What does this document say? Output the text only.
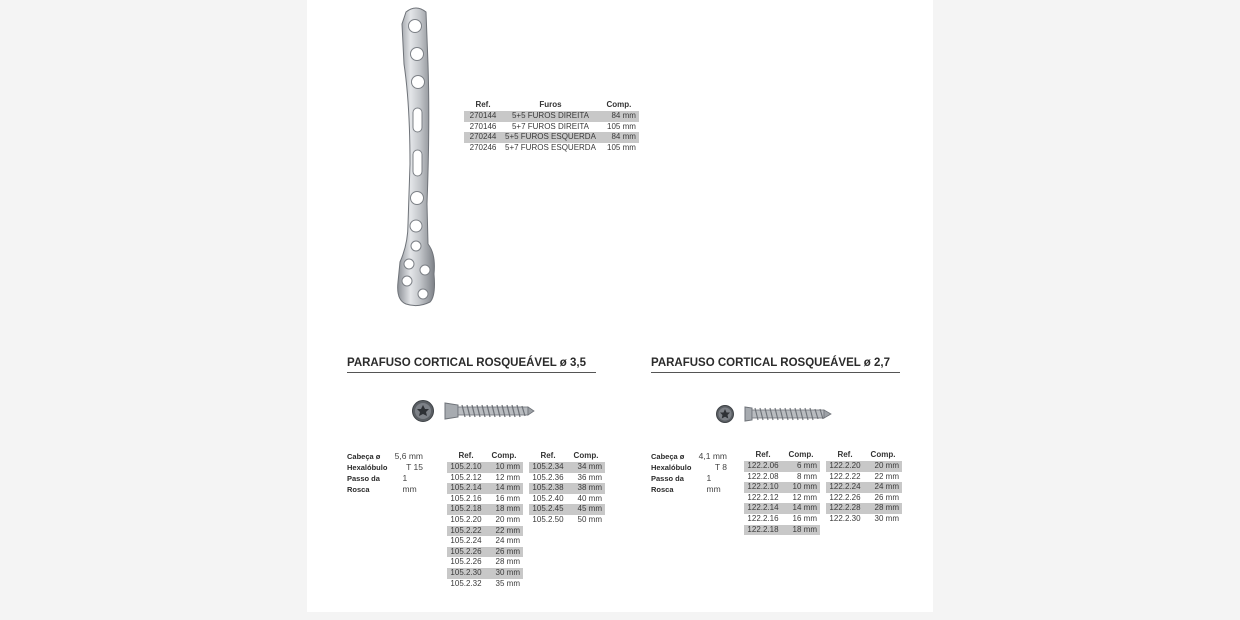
Ref.	Furos	Comp.
270144	5+5 FUROS DIREITA	84 mm
270146	5+7 FUROS DIREITA	105 mm
270244	5+5 FUROS ESQUERDA	84 mm
270246	5+7 FUROS ESQUERDA	105 mm
PARAFUSO CORTICAL ROSQUEÁVEL ø 3,5
Cabeça ø 5,6 mm
Hexalóbulo T 15
Passo da Rosca
1 mm
Ref.	Comp.		Ref.	Comp.
105.2.10	10 mm		105.2.34	34 mm
105.2.12	12 mm		105.2.36	36 mm
105.2.14	14 mm		105.2.38	38 mm
105.2.16	16 mm		105.2.40	40 mm
105.2.18	18 mm		105.2.45	45 mm
105.2.20	20 mm		105.2.50	50 mm
105.2.22	22 mm			
105.2.24	24 mm			
105.2.26	26 mm			
105.2.26	28 mm			
105.2.30	30 mm			
105.2.32	35 mm			
PARAFUSO CORTICAL ROSQUEÁVEL ø 2,7
Cabeça ø 4,1 mm
Hexalóbulo	T 8
Passo da Rosca
1 mm
Ref.	Comp.		Ref.	Comp.
122.2.06	6 mm		122.2.20	20 mm
122.2.08	8 mm		122.2.22	22 mm
122.2.10	10 mm		122.2.24	24 mm
122.2.12	12 mm		122.2.26	26 mm
122.2.14	14 mm		122.2.28	28 mm
122.2.16	16 mm		122.2.30	30 mm
122.2.18	18 mm			
